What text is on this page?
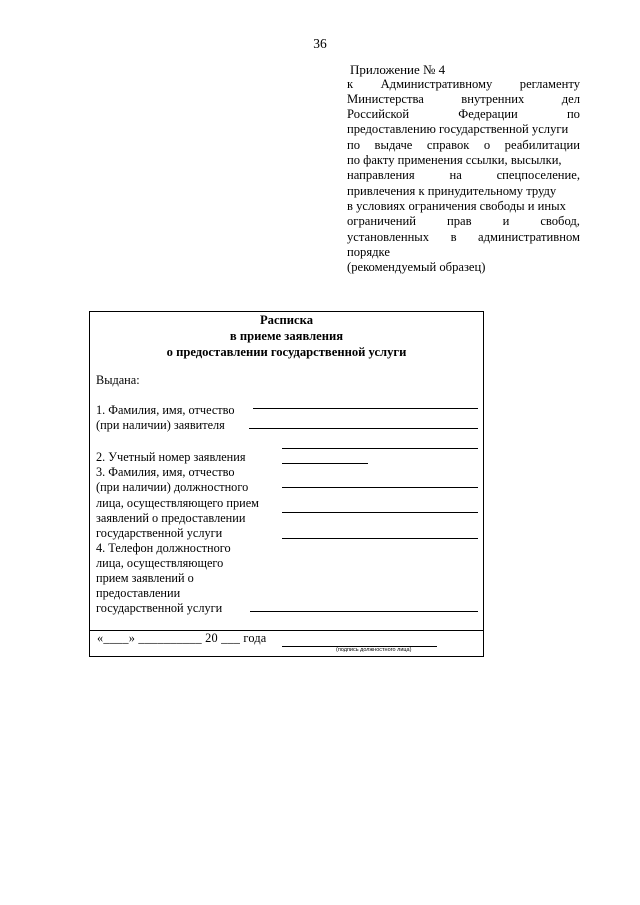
36
Приложение № 4
к Административному регламенту
Министерства	внутренних	дел
Российской	Федерации	по
предоставлению государственной услуги
по выдаче справок о реабилитации
по факту применения ссылки, высылки,
направления	на	спецпоселение,
привлечения к принудительному труду
в условиях ограничения свободы и иных
ограничений прав и свобод,
установленных в административном
порядке
(рекомендуемый образец)
Расписка
в приеме заявления
о предоставлении государственной услуги
Выдана:
1. Фамилия, имя, отчество
(при наличии) заявителя
2. Учетный номер заявления
3. Фамилия, имя, отчество
(при наличии) должностного
лица, осуществляющего прием
заявлений о предоставлении
государственной услуги
4. Телефон должностного
лица, осуществляющего
прием заявлений о
предоставлении
государственной услуги
«____» __________ 20 ___ года
(подпись должностного лица)
